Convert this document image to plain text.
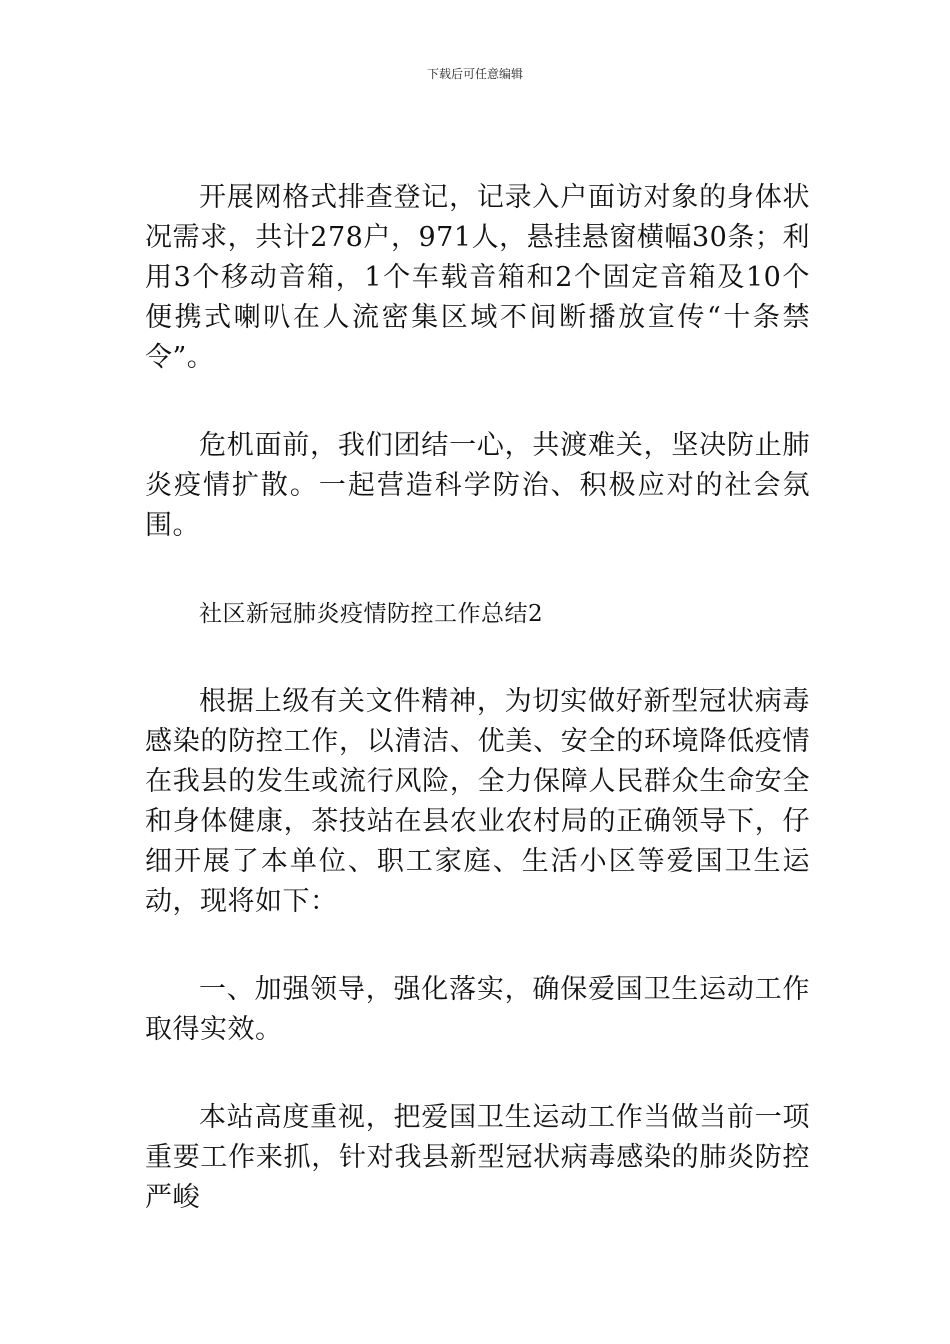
下载后可任意编辑

开展网格式排查登记，记录入户面访对象的身体状况需求，共计278户，971人，悬挂悬窗横幅30条；利用3个移动音箱，1个车载音箱和2个固定音箱及10个便携式喇叭在人流密集区域不间断播放宣传“十条禁令”。

危机面前，我们团结一心，共渡难关，坚决防止肺炎疫情扩散。一起营造科学防治、积极应对的社会氛围。

社区新冠肺炎疫情防控工作总结2

根据上级有关文件精神，为切实做好新型冠状病毒感染的防控工作，以清洁、优美、安全的环境降低疫情在我县的发生或流行风险，全力保障人民群众生命安全和身体健康，茶技站在县农业农村局的正确领导下，仔细开展了本单位、职工家庭、生活小区等爱国卫生运动，现将如下：

一、加强领导，强化落实，确保爱国卫生运动工作取得实效。

本站高度重视，把爱国卫生运动工作当做当前一项重要工作来抓，针对我县新型冠状病毒感染的肺炎防控严峻
